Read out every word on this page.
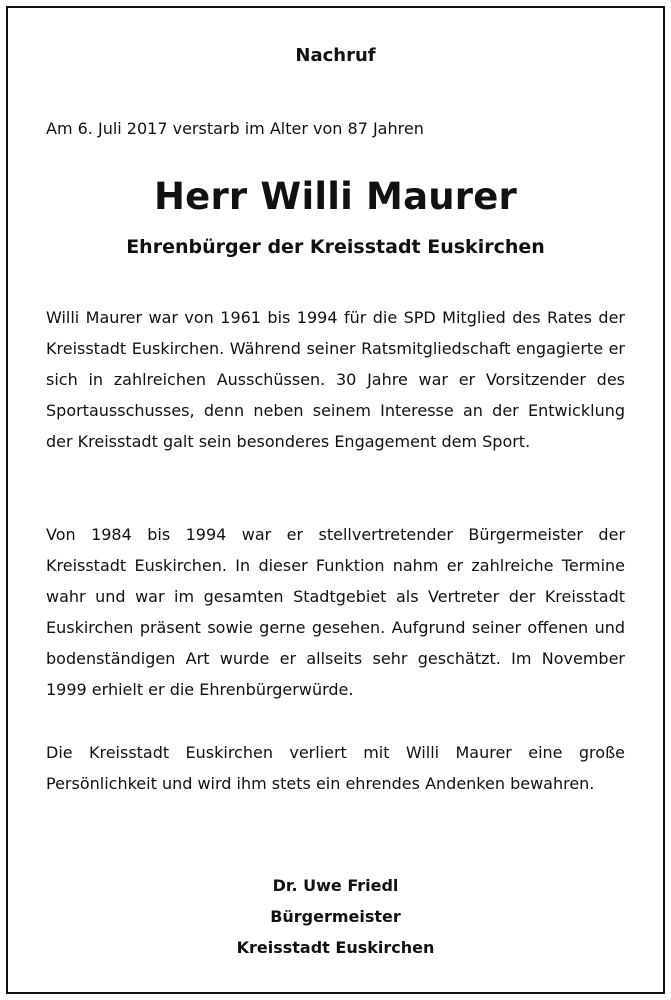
Nachruf
Am 6. Juli 2017 verstarb im Alter von 87 Jahren
Herr Willi Maurer
Ehrenbürger der Kreisstadt Euskirchen

Willi Maurer war von 1961 bis 1994 für die SPD Mitglied des Rates der Kreisstadt Euskirchen. Während seiner Ratsmitgliedschaft engagierte er sich in zahlreichen Ausschüssen. 30 Jahre war er Vorsitzender des Sportausschusses, denn neben seinem Interesse an der Entwicklung der Kreisstadt galt sein besonderes Engagement dem Sport.

Von 1984 bis 1994 war er stellvertretender Bürgermeister der Kreisstadt Euskirchen. In dieser Funktion nahm er zahlreiche Termine wahr und war im gesamten Stadtgebiet als Vertreter der Kreisstadt Euskirchen präsent sowie gerne gesehen. Aufgrund seiner offenen und bodenständigen Art wurde er allseits sehr geschätzt. Im November 1999 erhielt er die Ehrenbürgerwürde.

Die Kreisstadt Euskirchen verliert mit Willi Maurer eine große Persönlichkeit und wird ihm stets ein ehrendes Andenken bewahren.

Dr. Uwe Friedl
Bürgermeister
Kreisstadt Euskirchen
